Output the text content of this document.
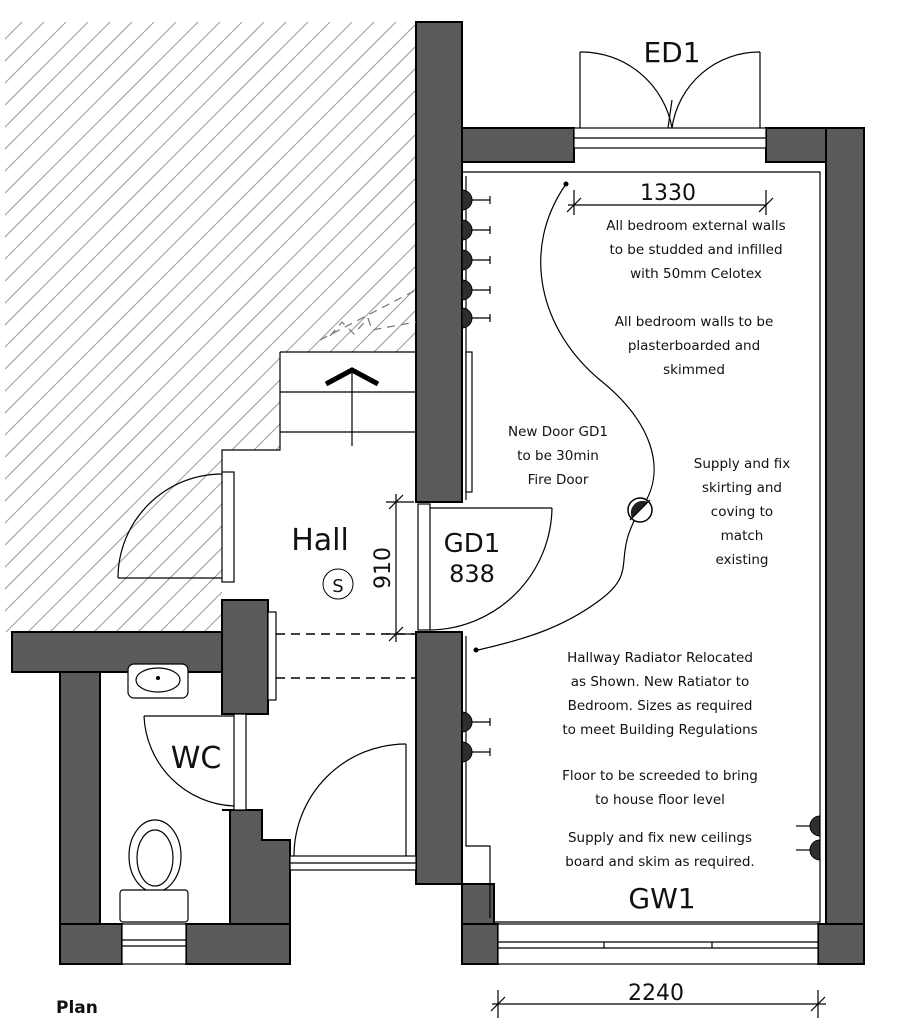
ED1
1330
GW1
2240
Hall
S
WC
GD1
838
910
Plan
All bedroom external walls
to be studded and infilled
with 50mm Celotex
All bedroom walls to be
plasterboarded and
skimmed
New Door GD1
to be 30min
Fire Door
Supply and fix
skirting and
coving to
match
existing
Hallway Radiator Relocated
as Shown. New Ratiator to
Bedroom. Sizes as required
to meet Building Regulations
Floor to be screeded to bring
to house floor level
Supply and fix new ceilings
board and skim as required.
